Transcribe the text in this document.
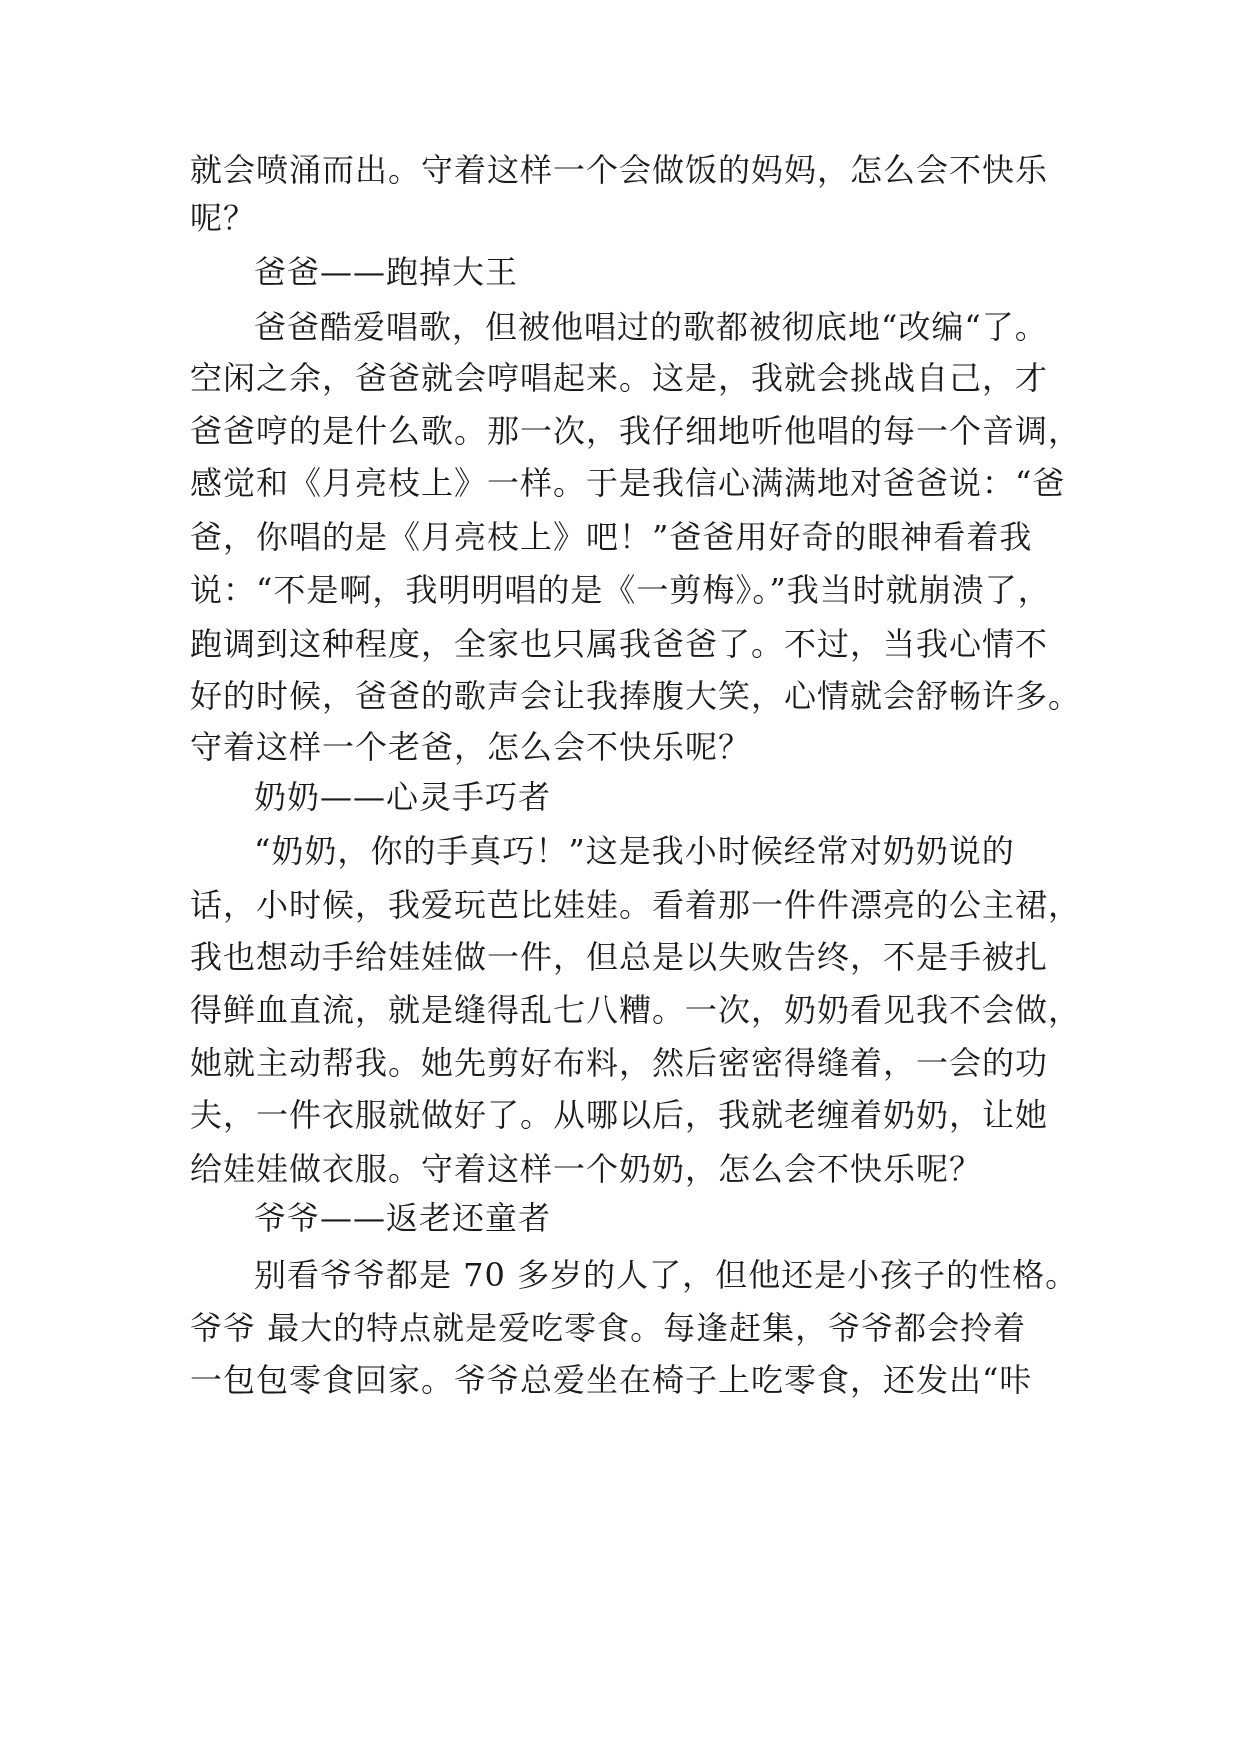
就会喷涌而出。守着这样一个会做饭的妈妈，怎么会不快乐
呢？
爸爸——跑掉大王
爸爸酷爱唱歌，但被他唱过的歌都被彻底地“改编“了。
空闲之余，爸爸就会哼唱起来。这是，我就会挑战自己，才
爸爸哼的是什么歌。那一次，我仔细地听他唱的每一个音调，
感觉和《月亮枝上》一样。于是我信心满满地对爸爸说：“爸
爸，你唱的是《月亮枝上》吧！”爸爸用好奇的眼神看着我
说：“不是啊，我明明唱的是《一剪梅》。”我当时就崩溃了，
跑调到这种程度，全家也只属我爸爸了。不过，当我心情不
好的时候，爸爸的歌声会让我捧腹大笑，心情就会舒畅许多。
守着这样一个老爸，怎么会不快乐呢？
奶奶——心灵手巧者
“奶奶，你的手真巧！”这是我小时候经常对奶奶说的
话，小时候，我爱玩芭比娃娃。看着那一件件漂亮的公主裙，
我也想动手给娃娃做一件，但总是以失败告终，不是手被扎
得鲜血直流，就是缝得乱七八糟。一次，奶奶看见我不会做，
她就主动帮我。她先剪好布料，然后密密得缝着，一会的功
夫，一件衣服就做好了。从哪以后，我就老缠着奶奶，让她
给娃娃做衣服。守着这样一个奶奶，怎么会不快乐呢？
爷爷——返老还童者
别看爷爷都是 70 多岁的人了，但他还是小孩子的性格。
爷爷 最大的特点就是爱吃零食。每逢赶集，爷爷都会拎着
一包包零食回家。爷爷总爱坐在椅子上吃零食，还发出“咔
